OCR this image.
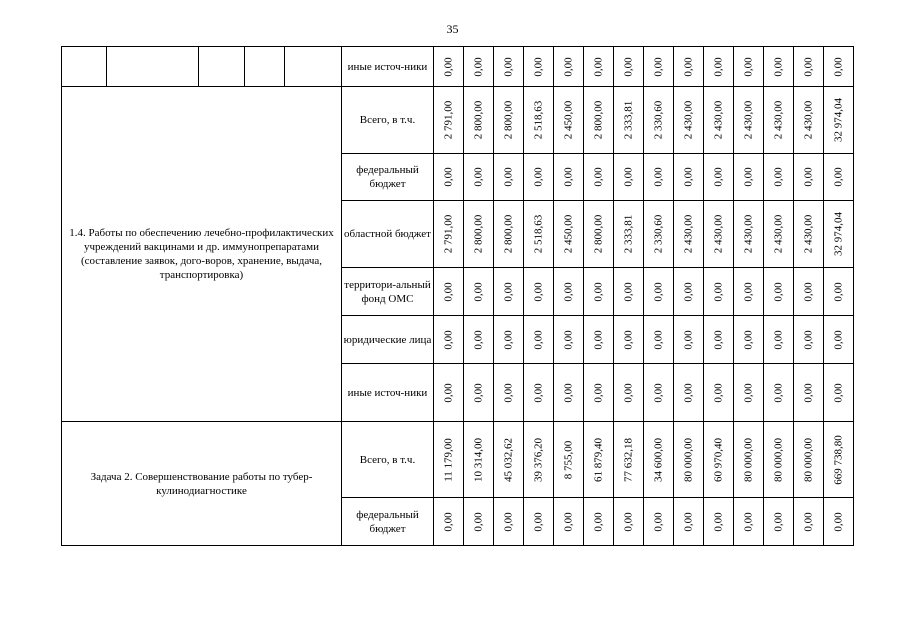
35
					иные источ-ники	0,00	0,00	0,00	0,00	0,00	0,00	0,00	0,00	0,00	0,00	0,00	0,00	0,00	0,00

1.4. Работы по обеспечению лечебно-профилактических учреждений вакцинами и др. иммунопрепаратами (составление заявок, дого-воров, хранение, выдача, транспортировка)					Всего, в т.ч.	2 791,00	2 800,00	2 800,00	2 518,63	2 450,00	2 800,00	2 333,81	2 330,60	2 430,00	2 430,00	2 430,00	2 430,00	2 430,00	32 974,04

					федеральный бюджет	0,00	0,00	0,00	0,00	0,00	0,00	0,00	0,00	0,00	0,00	0,00	0,00	0,00	0,00

					областной бюджет	2 791,00	2 800,00	2 800,00	2 518,63	2 450,00	2 800,00	2 333,81	2 330,60	2 430,00	2 430,00	2 430,00	2 430,00	2 430,00	32 974,04

					территори-альный фонд ОМС	0,00	0,00	0,00	0,00	0,00	0,00	0,00	0,00	0,00	0,00	0,00	0,00	0,00	0,00

					юридические лица	0,00	0,00	0,00	0,00	0,00	0,00	0,00	0,00	0,00	0,00	0,00	0,00	0,00	0,00

					иные источ-ники	0,00	0,00	0,00	0,00	0,00	0,00	0,00	0,00	0,00	0,00	0,00	0,00	0,00	0,00

Задача 2. Совершенствование работы по тубер-кулинодиагностике					Всего, в т.ч.	11 179,00	10 314,00	45 032,62	39 376,20	8 755,00	61 879,40	77 632,18	34 600,00	80 000,00	60 970,40	80 000,00	80 000,00	80 000,00	669 738,80

					федеральный бюджет	0,00	0,00	0,00	0,00	0,00	0,00	0,00	0,00	0,00	0,00	0,00	0,00	0,00	0,00
